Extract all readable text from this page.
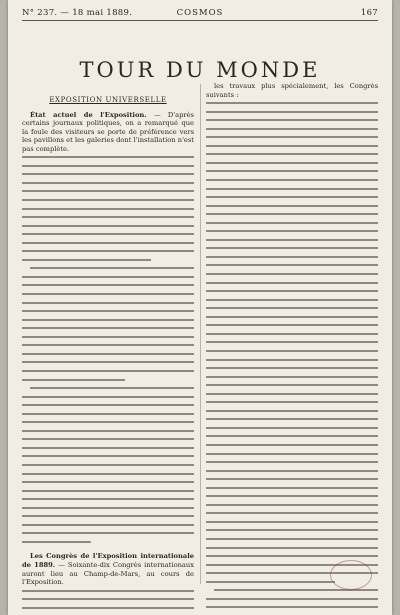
N° 237. — 18 mai 1889.	COSMOS	167
TOUR DU MONDE
EXPOSITION UNIVERSELLE

État actuel de l'Exposition. — D'après certains journaux politiques, on a remarqué que la foule des visiteurs se porte de préférence vers les pavillons et les galeries dont l'installation n'est pas complète.

Les Congrès de l'Exposition internationale de 1889. — Soixante-dix Congrès internationaux auront lieu au Champ-de-Mars, au cours de l'Exposition.

les travaux plus spécialement, les Congrès suivants :
